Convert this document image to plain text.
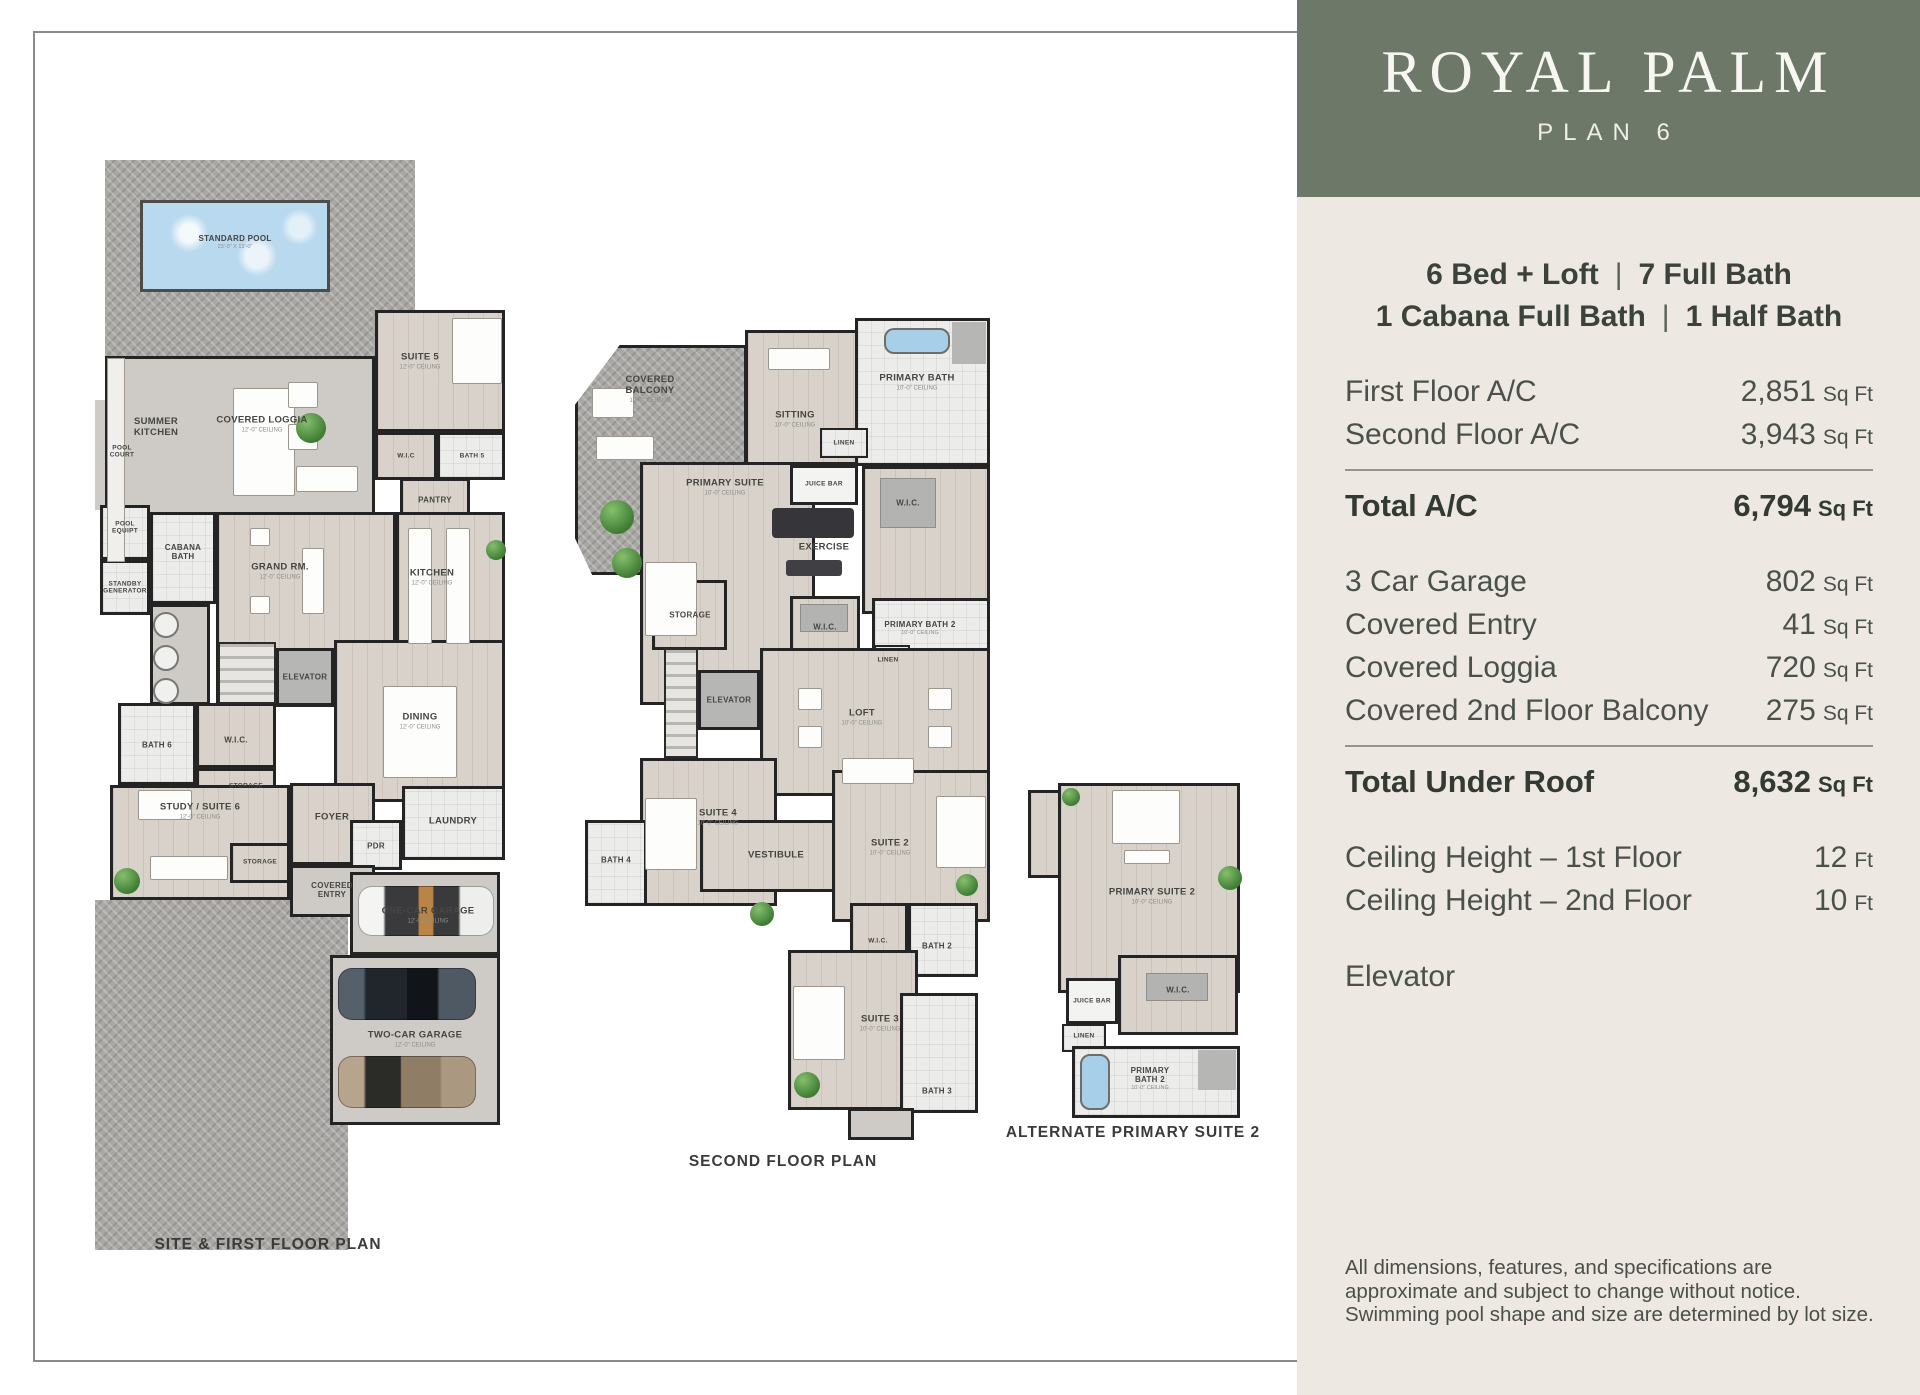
SITE & FIRST FLOOR PLAN
SECOND FLOOR PLAN
ALTERNATE PRIMARY SUITE 2
ROYAL PALM
PLAN 6
6 Bed + Loft | 7 Full Bath
1 Cabana Full Bath | 1 Half Bath
First Floor A/C	2,851 Sq Ft
Second Floor A/C	3,943 Sq Ft
Total A/C	6,794 Sq Ft
3 Car Garage	802 Sq Ft
Covered Entry	41 Sq Ft
Covered Loggia	720 Sq Ft
Covered 2nd Floor Balcony 275 Sq Ft
Total Under Roof	8,632 Sq Ft
Ceiling Height – 1st Floor	12 Ft
Ceiling Height – 2nd Floor	10 Ft
Elevator

All dimensions, features, and specifications are approximate and subject to change without notice. Swimming pool shape and size are determined by lot size.

STANDARD POOL
23'-0" X 13'-0"
SUMMER KITCHEN
COVERED LOGGIA
12'-0" CEILING
SUITE 5
12'-0" CEILING
W.I.C	BATH 5
PANTRY
POOL EQUIPT
STANDBY GENERATOR
POOL COURT
CABANA BATH
GRAND RM.
12'-0" CEILING	KITCHEN
12'-0" CEILING
ELEVATOR
DINING
12'-0" CEILING
BATH 6
W.I.C.
STORAGE
STUDY / SUITE 6
12'-0" CEILING
STORAGE
FOYER
PDR
LAUNDRY
COVERED ENTRY
ONE-CAR GARAGE
12'-0" CEILING
TWO-CAR GARAGE
12'-0" CEILING
COVERED BALCONY
10'-0" CEILING
SITTING
10'-0" CEILING
PRIMARY BATH
10'-0" CEILING
PRIMARY SUITE
10'-0" CEILING
JUICE BAR
EXERCISE
W.I.C.
LINEN
PRIMARY BATH 2
10'-0" CEILING
LINEN
W.I.C.
STORAGE
ELEVATOR
LOFT
10'-0" CEILING
SUITE 4
10'-0" CEILING
BATH 4	VESTIBULE
SUITE 2
10'-0" CEILING
W.I.C.
BATH 2
SUITE 3
10'-0" CEILING
BATH 3
PRIMARY SUITE 2
10'-0" CEILING
JUICE BAR
W.I.C.
LINEN
PRIMARY BATH 2
10'-0" CEILING
